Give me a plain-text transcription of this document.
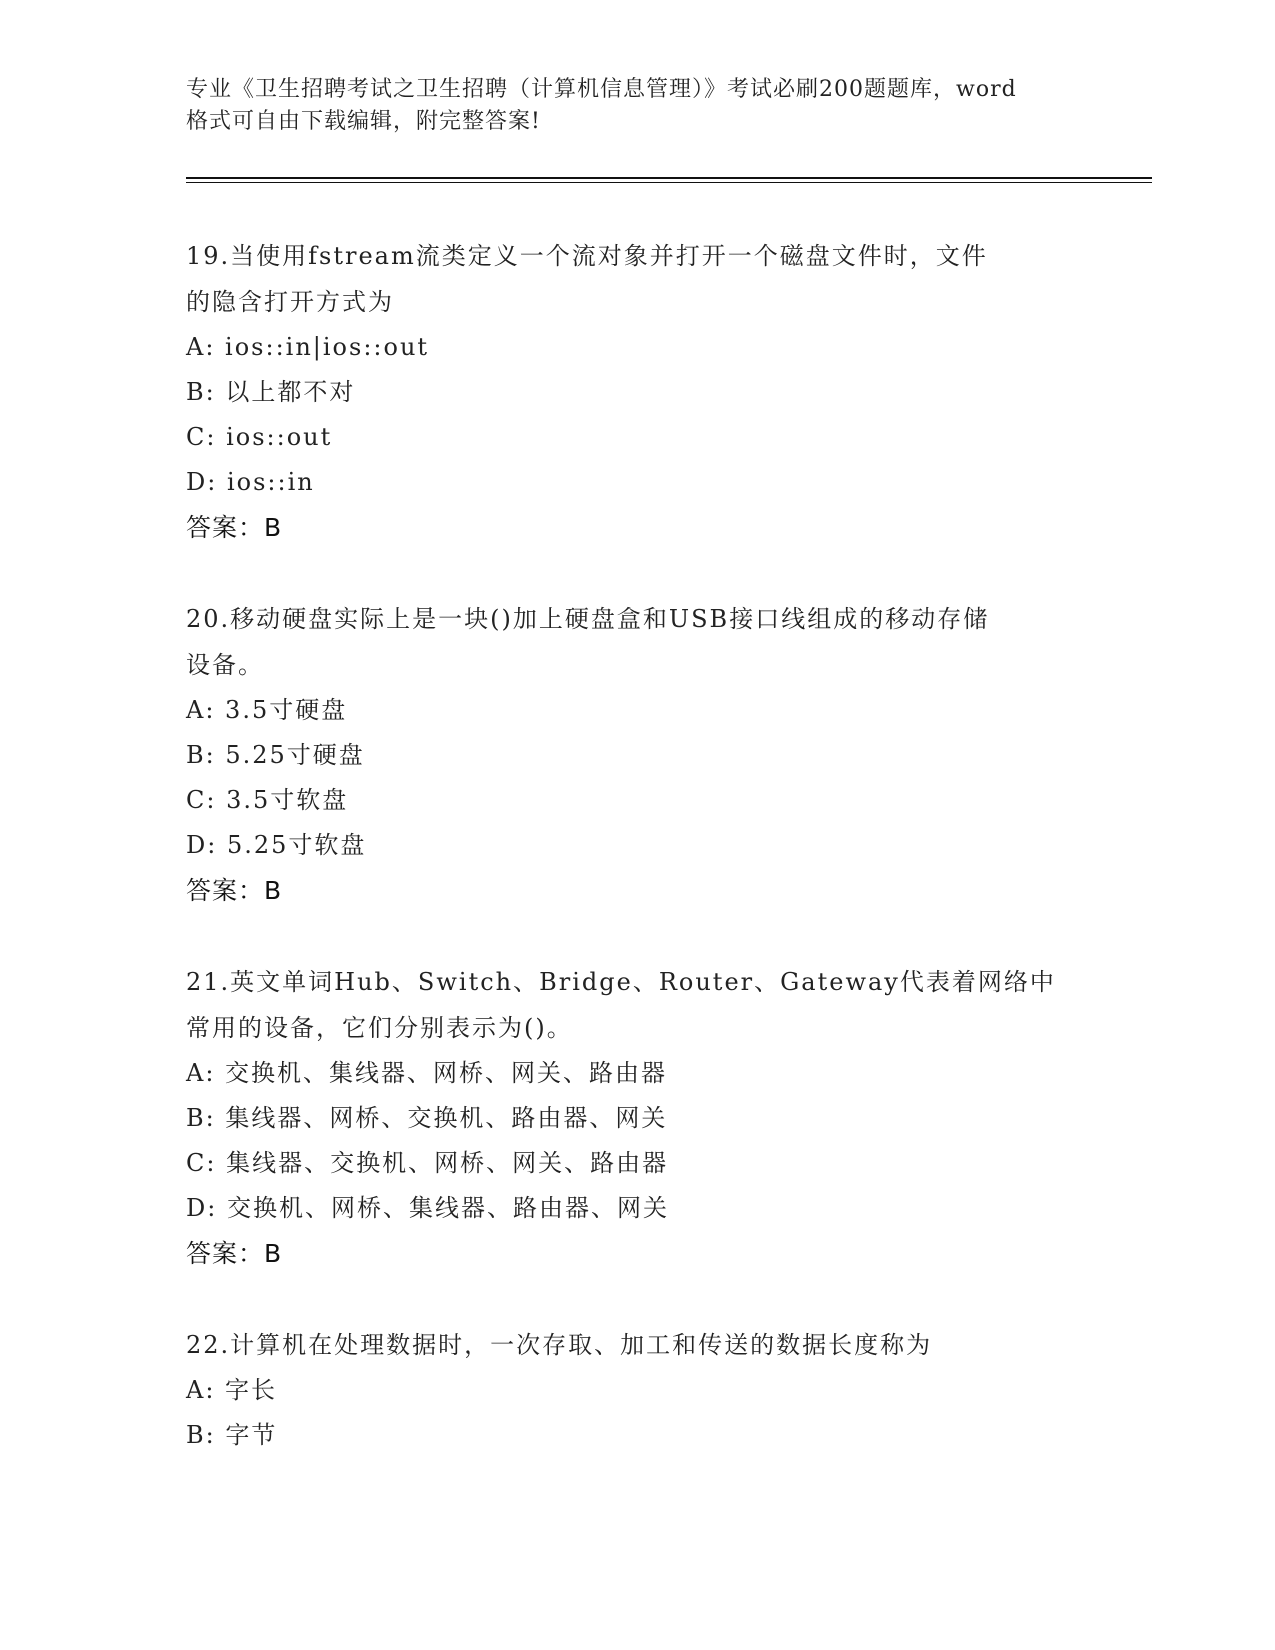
专业《卫生招聘考试之卫生招聘（计算机信息管理）》考试必刷200题题库，word
格式可自由下载编辑，附完整答案!
19.当使用fstream流类定义一个流对象并打开一个磁盘文件时，文件
的隐含打开方式为
A: ios::in|ios::out
B: 以上都不对
C: ios::out
D: ios::in
答案：B
20.移动硬盘实际上是一块()加上硬盘盒和USB接口线组成的移动存储
设备。
A: 3.5寸硬盘
B: 5.25寸硬盘
C: 3.5寸软盘
D: 5.25寸软盘
答案：B
21.英文单词Hub、Switch、Bridge、Router、Gateway代表着网络中
常用的设备，它们分别表示为()。
A: 交换机、集线器、网桥、网关、路由器
B: 集线器、网桥、交换机、路由器、网关
C: 集线器、交换机、网桥、网关、路由器
D: 交换机、网桥、集线器、路由器、网关
答案：B
22.计算机在处理数据时，一次存取、加工和传送的数据长度称为
A: 字长
B: 字节
